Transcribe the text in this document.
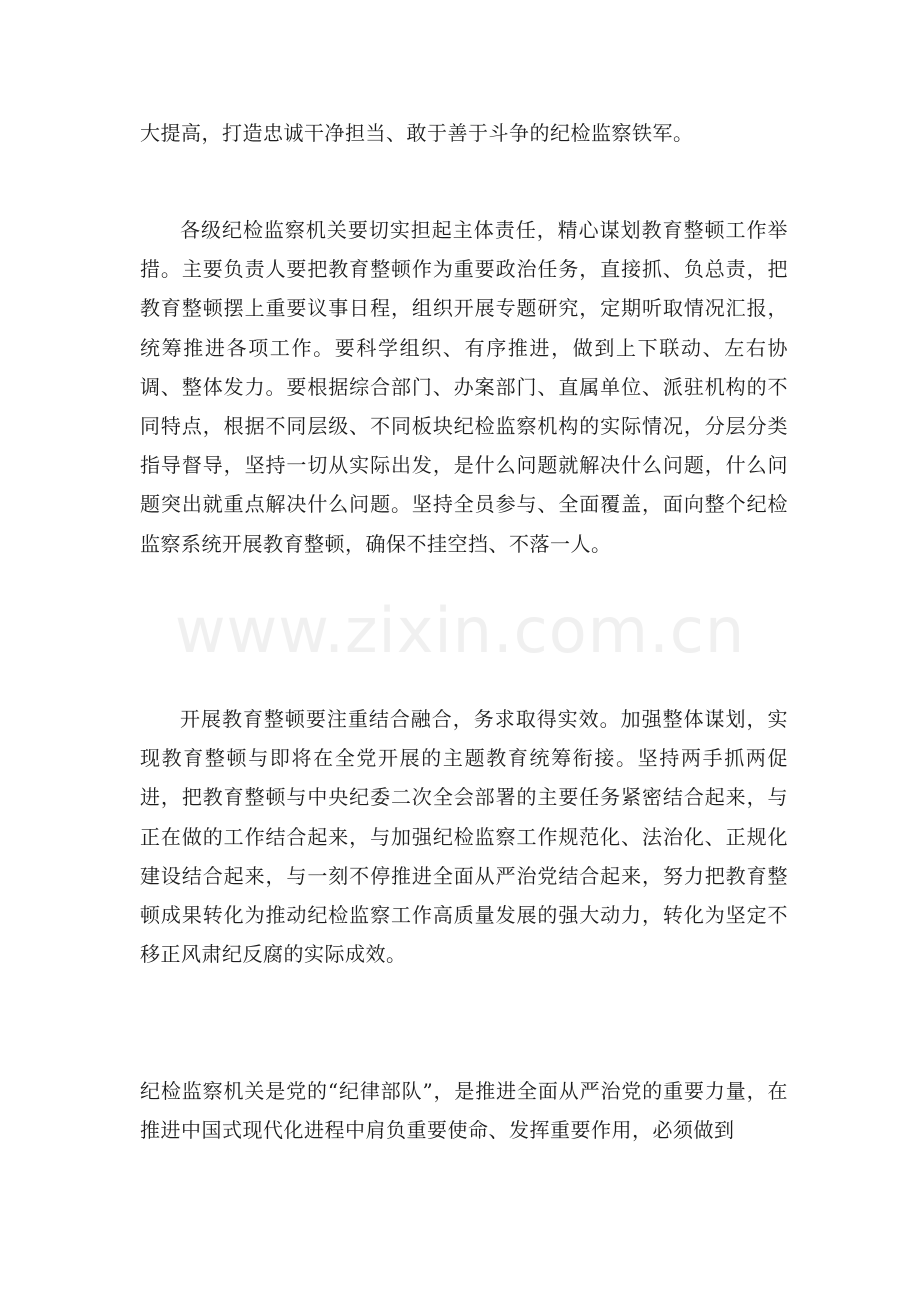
大提高，打造忠诚干净担当、敢于善于斗争的纪检监察铁军。

各级纪检监察机关要切实担起主体责任，精心谋划教育整顿工作举措。主要负责人要把教育整顿作为重要政治任务，直接抓、负总责，把教育整顿摆上重要议事日程，组织开展专题研究，定期听取情况汇报，统筹推进各项工作。要科学组织、有序推进，做到上下联动、左右协调、整体发力。要根据综合部门、办案部门、直属单位、派驻机构的不同特点，根据不同层级、不同板块纪检监察机构的实际情况，分层分类指导督导，坚持一切从实际出发，是什么问题就解决什么问题，什么问题突出就重点解决什么问题。坚持全员参与、全面覆盖，面向整个纪检监察系统开展教育整顿，确保不挂空挡、不落一人。

开展教育整顿要注重结合融合，务求取得实效。加强整体谋划，实现教育整顿与即将在全党开展的主题教育统筹衔接。坚持两手抓两促进，把教育整顿与中央纪委二次全会部署的主要任务紧密结合起来，与正在做的工作结合起来，与加强纪检监察工作规范化、法治化、正规化建设结合起来，与一刻不停推进全面从严治党结合起来，努力把教育整顿成果转化为推动纪检监察工作高质量发展的强大动力，转化为坚定不移正风肃纪反腐的实际成效。

纪检监察机关是党的“纪律部队”，是推进全面从严治党的重要力量，在推进中国式现代化进程中肩负重要使命、发挥重要作用，必须做到

www.zixin.com.cn
